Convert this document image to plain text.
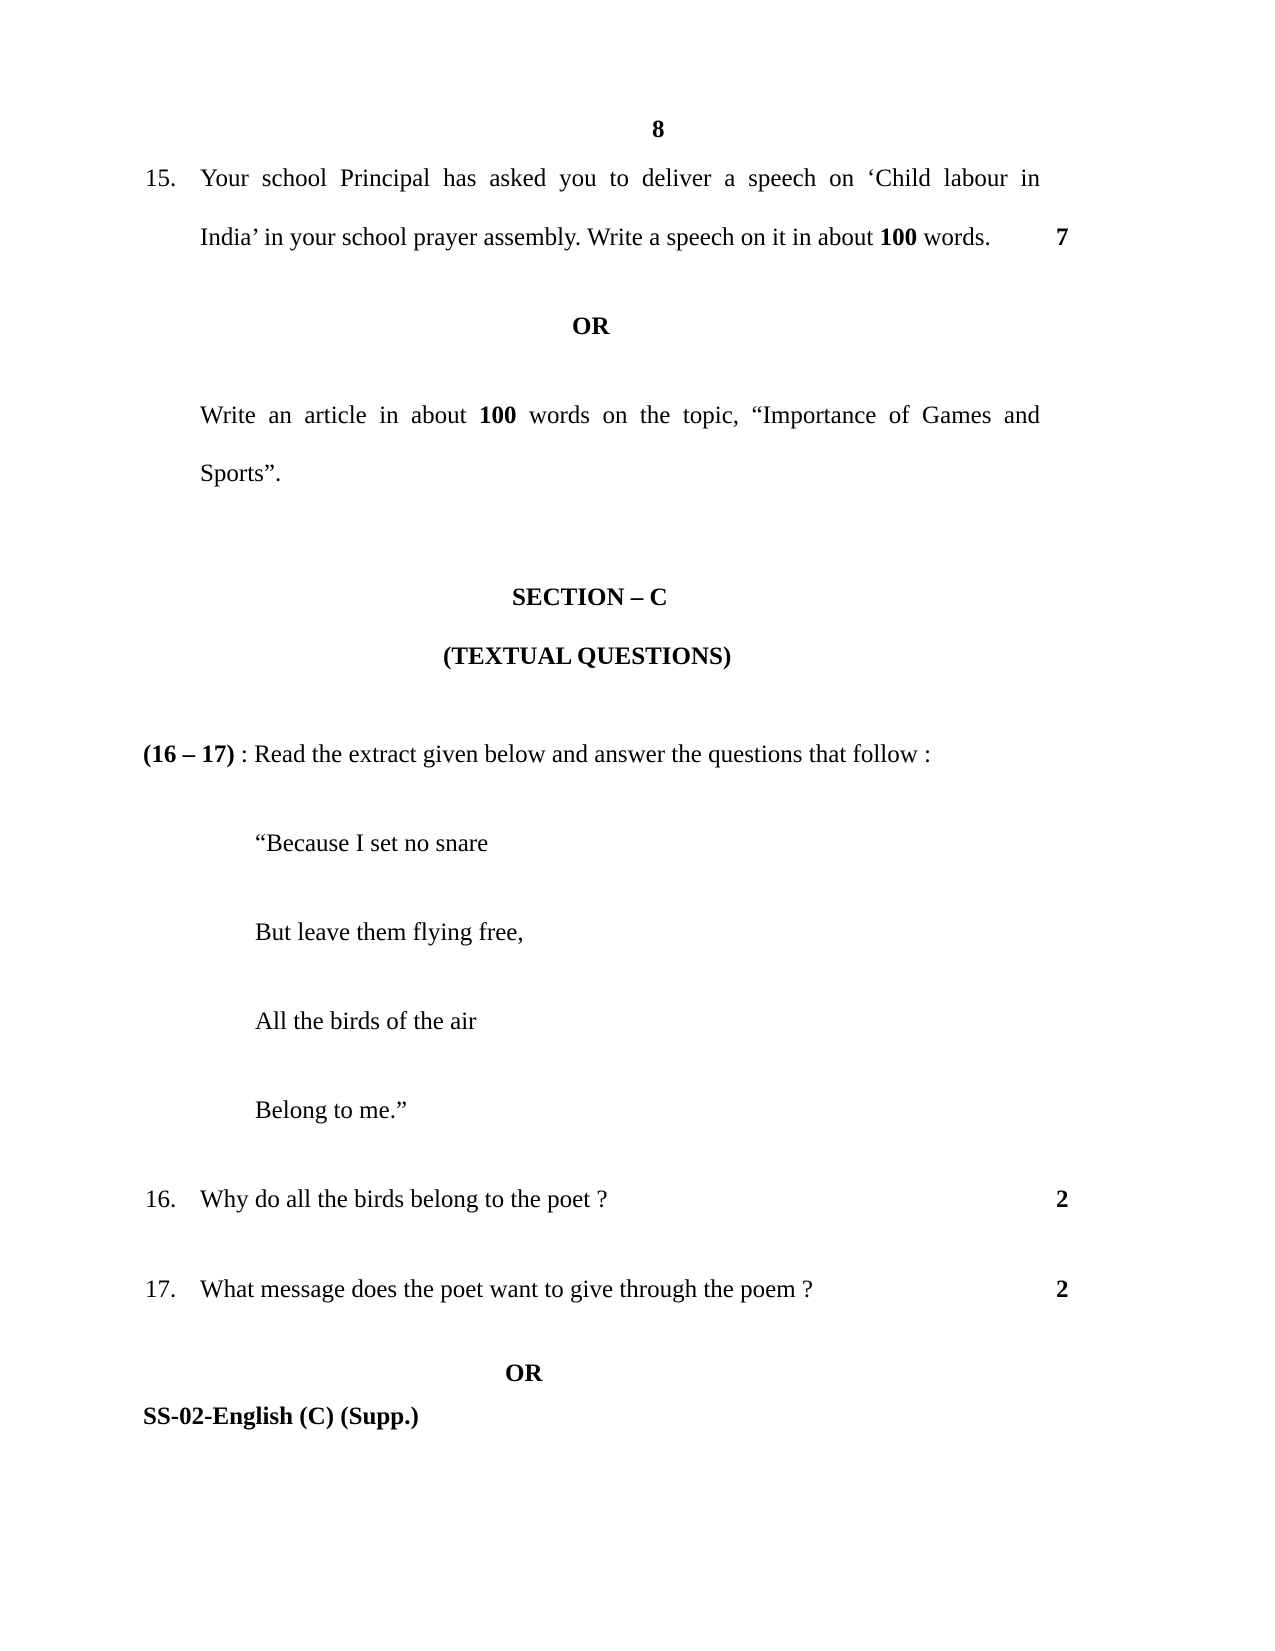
8
15. Your school Principal has asked you to deliver a speech on ‘Child labour in
India’ in your school prayer assembly. Write a speech on it in about 100 words.	7
OR
Write an article in about 100 words on the topic, “Importance of Games and
Sports”.
SECTION – C
(TEXTUAL QUESTIONS)
(16 – 17) : Read the extract given below and answer the questions that follow :
“Because I set no snare
But leave them flying free,
All the birds of the air
Belong to me.”
16. Why do all the birds belong to the poet ?	2
17. What message does the poet want to give through the poem ?	2
OR
SS-02-English (C) (Supp.)
